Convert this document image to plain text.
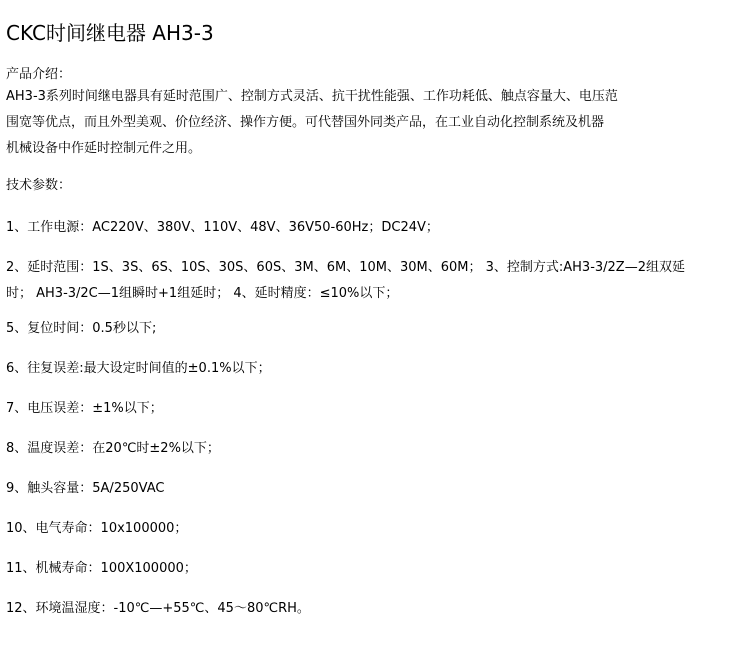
CKC时间继电器 AH3-3
产品介绍：
AH3-3系列时间继电器具有延时范围广、控制方式灵活、抗干扰性能强、工作功耗低、触点容量大、电压范
围宽等优点，而且外型美观、价位经济、操作方便。可代替国外同类产品，在工业自动化控制系统及机器
机械设备中作延时控制元件之用。
技术参数：
1、工作电源：AC220V、380V、110V、48V、36V50-60Hz；DC24V；
2、延时范围：1S、3S、6S、10S、30S、60S、3M、6M、10M、30M、60M； 3、控制方式:AH3-3/2Z—2组双延
时； AH3-3/2C—1组瞬时+1组延时； 4、延时精度：≤10%以下；
5、复位时间：0.5秒以下;
6、往复误差:最大设定时间值的±0.1%以下；
7、电压误差：±1%以下；
8、温度误差：在20℃时±2%以下；
9、触头容量：5A/250VAC
10、电气寿命：10x100000；
11、机械寿命：100X100000；
12、环境温湿度：-10℃—+55℃、45～80℃RH。
